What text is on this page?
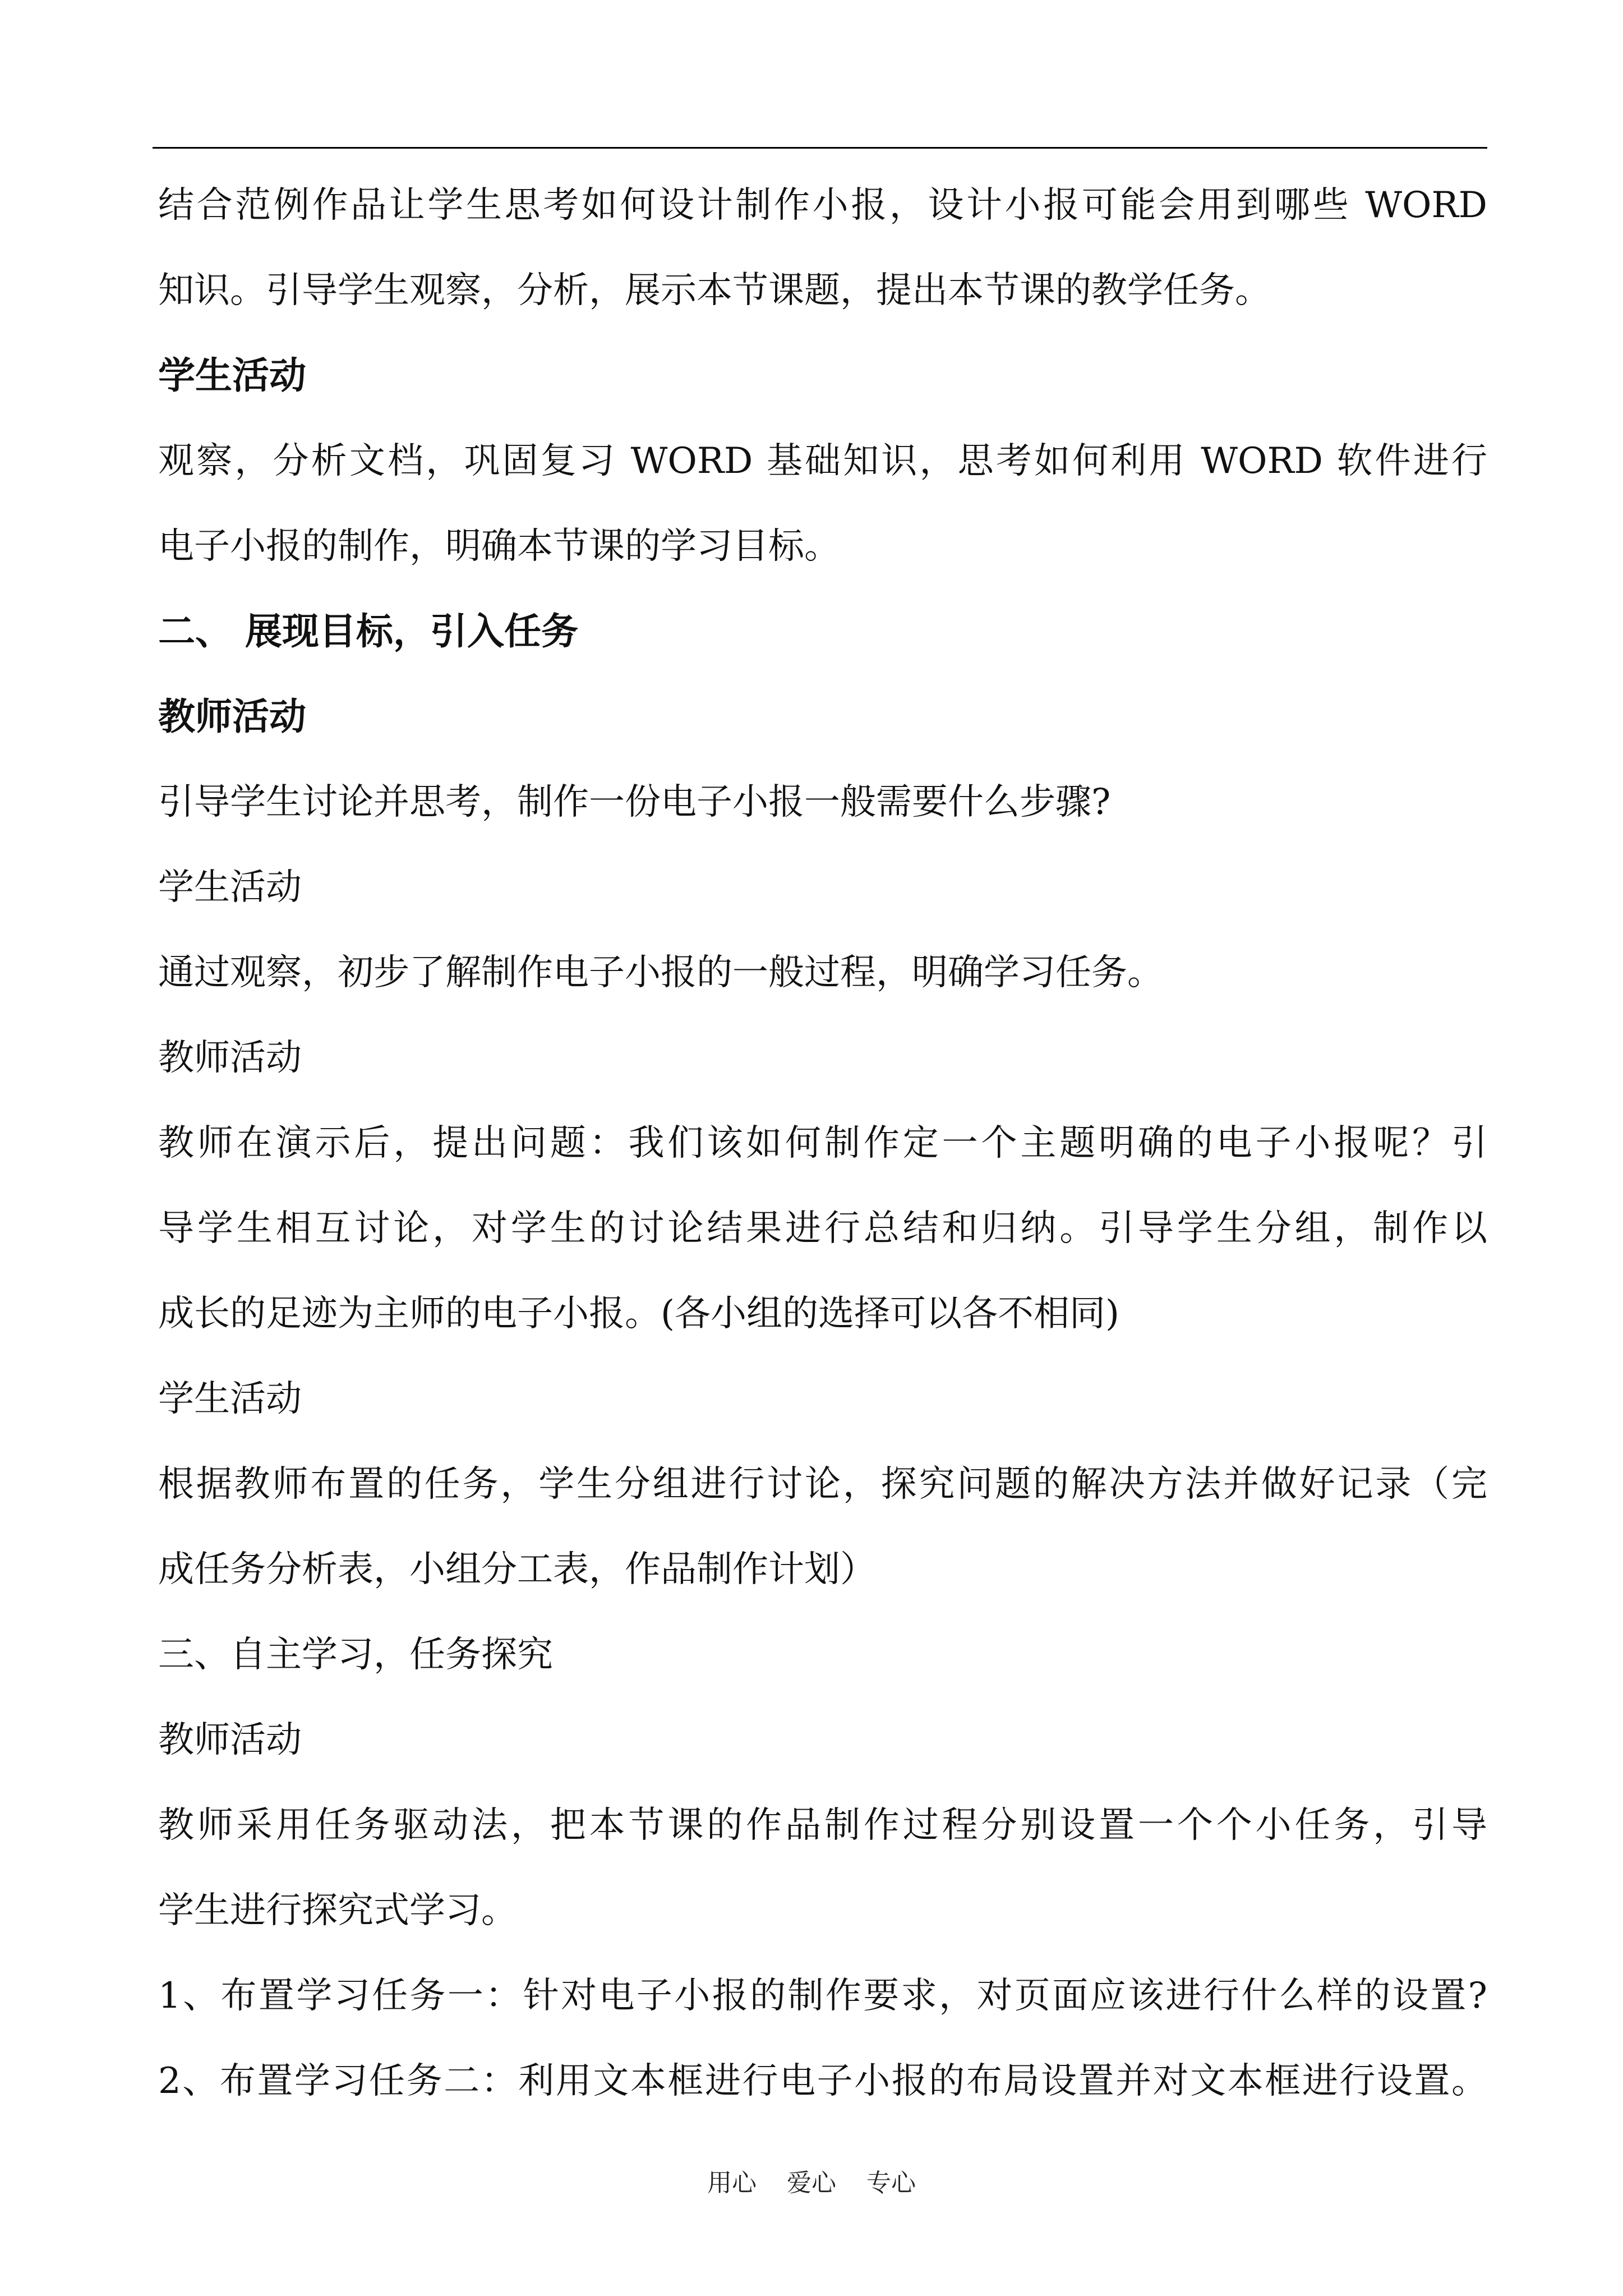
结合范例作品让学生思考如何设计制作小报，设计小报可能会用到哪些 WORD

知识。引导学生观察，分析，展示本节课题，提出本节课的教学任务。

学生活动

观察，分析文档，巩固复习 WORD 基础知识，思考如何利用 WORD 软件进行

电子小报的制作，明确本节课的学习目标。

二、 展现目标，引入任务

教师活动

引导学生讨论并思考，制作一份电子小报一般需要什么步骤?

学生活动

通过观察，初步了解制作电子小报的一般过程，明确学习任务。

教师活动

教师在演示后，提出问题：我们该如何制作定一个主题明确的电子小报呢？引

导学生相互讨论，对学生的讨论结果进行总结和归纳。引导学生分组，制作以

成长的足迹为主师的电子小报。(各小组的选择可以各不相同)

学生活动

根据教师布置的任务，学生分组进行讨论，探究问题的解决方法并做好记录（完

成任务分析表，小组分工表，作品制作计划）

三、自主学习，任务探究

教师活动

教师采用任务驱动法，把本节课的作品制作过程分别设置一个个小任务，引导

学生进行探究式学习。

1、布置学习任务一：针对电子小报的制作要求，对页面应该进行什么样的设置?

2、布置学习任务二：利用文本框进行电子小报的布局设置并对文本框进行设置。

用心 爱心 专心
